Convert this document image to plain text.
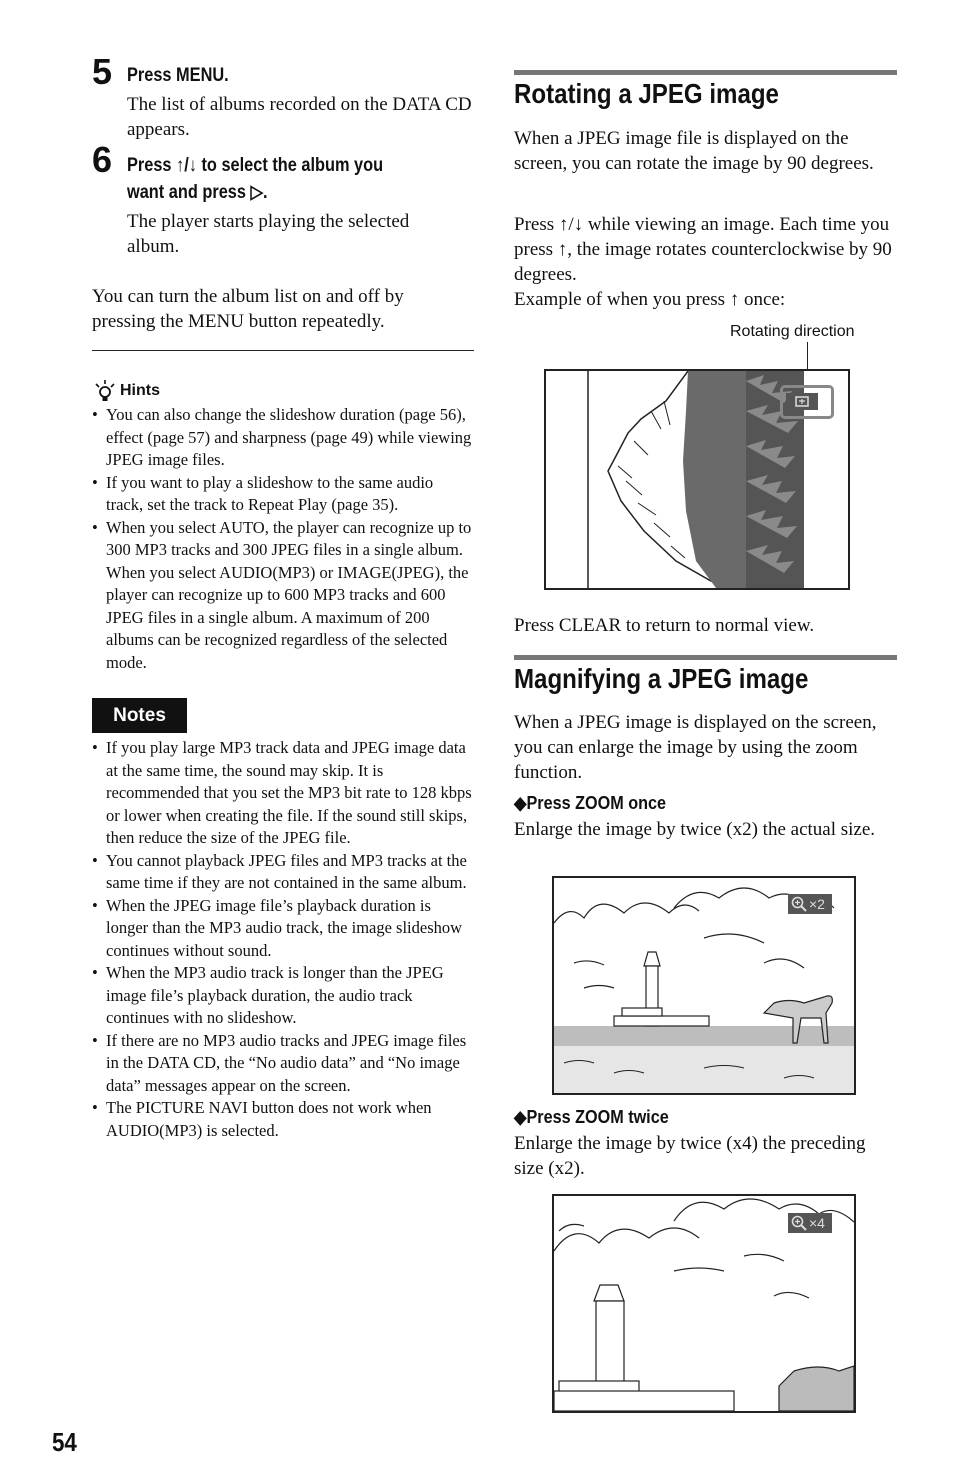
5 Press MENU.
The list of albums recorded on the DATA CD appears.
6 Press ↑/↓ to select the album you
want and press ▷.
The player starts playing the selected album.
You can turn the album list on and off by pressing the MENU button repeatedly.
Hints
• You can also change the slideshow duration (page 56), effect (page 57) and sharpness (page 49) while viewing JPEG image files.
• If you want to play a slideshow to the same audio track, set the track to Repeat Play (page 35).
• When you select AUTO, the player can recognize up to 300 MP3 tracks and 300 JPEG files in a single album. When you select AUDIO(MP3) or IMAGE(JPEG), the player can recognize up to 600 MP3 tracks and 600 JPEG files in a single album. A maximum of 200 albums can be recognized regardless of the selected mode.
Notes
• If you play large MP3 track data and JPEG image data at the same time, the sound may skip. It is recommended that you set the MP3 bit rate to 128 kbps or lower when creating the file. If the sound still skips, then reduce the size of the JPEG file.
• You cannot playback JPEG files and MP3 tracks at the same time if they are not contained in the same album.
• When the JPEG image file’s playback duration is longer than the MP3 audio track, the image slideshow continues without sound.
• When the MP3 audio track is longer than the JPEG image file’s playback duration, the audio track continues with no slideshow.
• If there are no MP3 audio tracks and JPEG image files in the DATA CD, the “No audio data” and “No image data” messages appear on the screen.
• The PICTURE NAVI button does not work when AUDIO(MP3) is selected.
54
Rotating a JPEG image
When a JPEG image file is displayed on the screen, you can rotate the image by 90 degrees.
Press ↑/↓ while viewing an image. Each time you press ↑, the image rotates counterclockwise by 90 degrees.
Example of when you press ↑ once:
Rotating direction
Press CLEAR to return to normal view.
Magnifying a JPEG image
When a JPEG image is displayed on the screen, you can enlarge the image by using the zoom function.
◆Press ZOOM once
Enlarge the image by twice (x2) the actual size.
×2
◆Press ZOOM twice
Enlarge the image by twice (x4) the preceding size (x2).
×4
